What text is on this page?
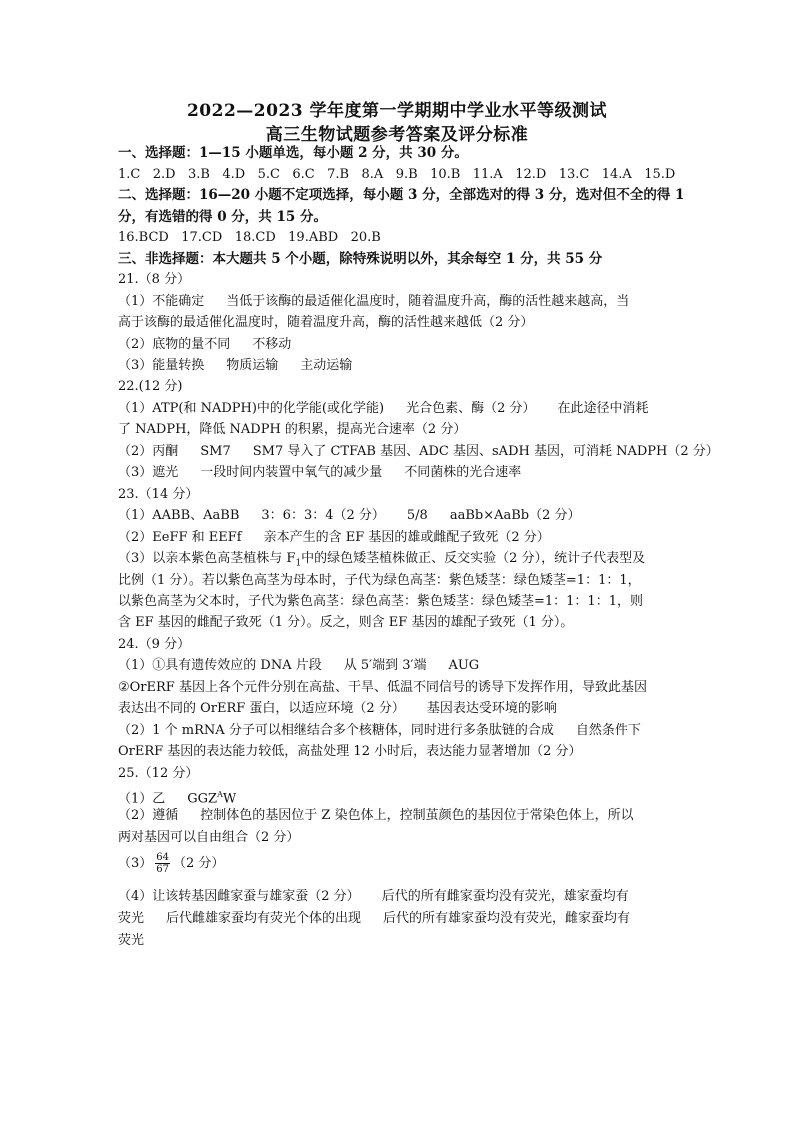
2022—2023 学年度第一学期期中学业水平等级测试
高三生物试题参考答案及评分标准
一、选择题：1—15 小题单选，每小题 2 分，共 30 分。
1.C 2.D 3.B 4.D 5.C 6.C 7.B 8.A 9.B 10.B 11.A 12.D 13.C 14.A 15.D
二、选择题：16—20 小题不定项选择，每小题 3 分，全部选对的得 3 分，选对但不全的得 1
分，有选错的得 0 分，共 15 分。
16.BCD 17.CD 18.CD 19.ABD 20.B
三、非选择题：本大题共 5 个小题，除特殊说明以外，其余每空 1 分，共 55 分
21.（8 分）
（1）不能确定 当低于该酶的最适催化温度时，随着温度升高，酶的活性越来越高，当
高于该酶的最适催化温度时，随着温度升高，酶的活性越来越低（2 分）
（2）底物的量不同 不移动
（3）能量转换 物质运输 主动运输
22.(12 分)
（1）ATP(和 NADPH)中的化学能(或化学能) 光合色素、酶（2 分） 在此途径中消耗
了 NADPH，降低 NADPH 的积累，提高光合速率（2 分）
（2）丙酮 SM7 SM7 导入了 CTFAB 基因、ADC 基因、sADH 基因，可消耗 NADPH（2 分）
（3）遮光 一段时间内装置中氧气的减少量 不同菌株的光合速率
23.（14 分）
（1）AABB、AaBB 3：6：3：4（2 分） 5/8 aaBb×AaBb（2 分）
（2）EeFF 和 EEFf 亲本产生的含 EF 基因的雄或雌配子致死（2 分）
（3）以亲本紫色高茎植株与 $F_1$中的绿色矮茎植株做正、反交实验（2 分），统计子代表型及
比例（1 分）。若以紫色高茎为母本时，子代为绿色高茎：紫色矮茎：绿色矮茎=1：1：1，
以紫色高茎为父本时，子代为紫色高茎：绿色高茎：紫色矮茎：绿色矮茎=1：1：1：1，则
含 EF 基因的雌配子致死（1 分）。反之，则含 EF 基因的雄配子致死（1 分）。
24.（9 分）
（1）①具有遗传效应的 DNA 片段 从 5′端到 3′端 AUG
②OrERF 基因上各个元件分别在高盐、干旱、低温不同信号的诱导下发挥作用，导致此基因
表达出不同的 OrERF 蛋白，以适应环境（2 分） 基因表达受环境的影响
（2）1 个 mRNA 分子可以相继结合多个核糖体，同时进行多条肽链的合成 自然条件下
OrERF 基因的表达能力较低，高盐处理 12 小时后，表达能力显著增加（2 分）
25.（12 分）
（1）乙 $GGZ^AW$
（2）遵循 控制体色的基因位于 Z 染色体上，控制茧颜色的基因位于常染色体上，所以
两对基因可以自由组合（2 分）
$(3) \frac{64}{67} (2$ 分）
（4）让该转基因雌家蚕与雄家蚕（2 分） 后代的所有雌家蚕均没有荧光，雄家蚕均有
荧光 后代雌雄家蚕均有荧光个体的出现 后代的所有雄家蚕均没有荧光，雌家蚕均有
荧光
